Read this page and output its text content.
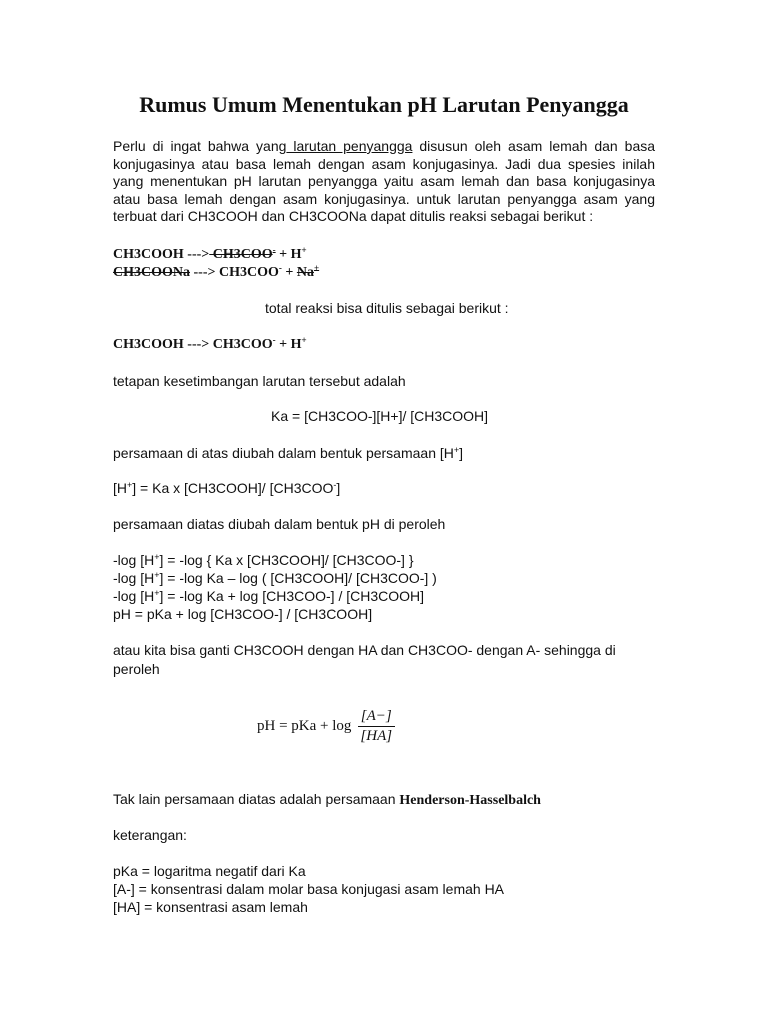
Rumus Umum Menentukan pH Larutan Penyangga
Perlu di ingat bahwa yang larutan penyangga disusun oleh asam lemah dan basa konjugasinya atau basa lemah dengan asam konjugasinya. Jadi dua spesies inilah yang menentukan pH larutan penyangga yaitu asam lemah dan basa konjugasinya atau basa lemah dengan asam konjugasinya. untuk larutan penyangga asam yang terbuat dari CH3COOH dan CH3COONa dapat ditulis reaksi sebagai berikut :
CH3COOH ---> CH3COO- + H+
CH3COONa ---> CH3COO- + Na+
total reaksi bisa ditulis sebagai berikut :
CH3COOH ---> CH3COO- + H+
tetapan kesetimbangan larutan tersebut adalah
Ka = [CH3COO-][H+]/ [CH3COOH]
persamaan di atas diubah dalam bentuk persamaan [H+]
[H+] = Ka x [CH3COOH]/ [CH3COO-]
persamaan diatas diubah dalam bentuk pH di peroleh
-log [H+] = -log { Ka x [CH3COOH]/ [CH3COO-] }
-log [H+] = -log Ka – log ( [CH3COOH]/ [CH3COO-] )
-log [H+] = -log Ka + log [CH3COO-] / [CH3COOH]
pH = pKa + log [CH3COO-] / [CH3COOH]
atau kita bisa ganti CH3COOH dengan HA dan CH3COO- dengan A- sehingga di
peroleh
pH = pKa + $\log \frac{[A-]}{[HA]}$
Tak lain persamaan diatas adalah persamaan Henderson-Hasselbalch
keterangan:
pKa = logaritma negatif dari Ka
[A-] = konsentrasi dalam molar basa konjugasi asam lemah HA
[HA] = konsentrasi asam lemah
